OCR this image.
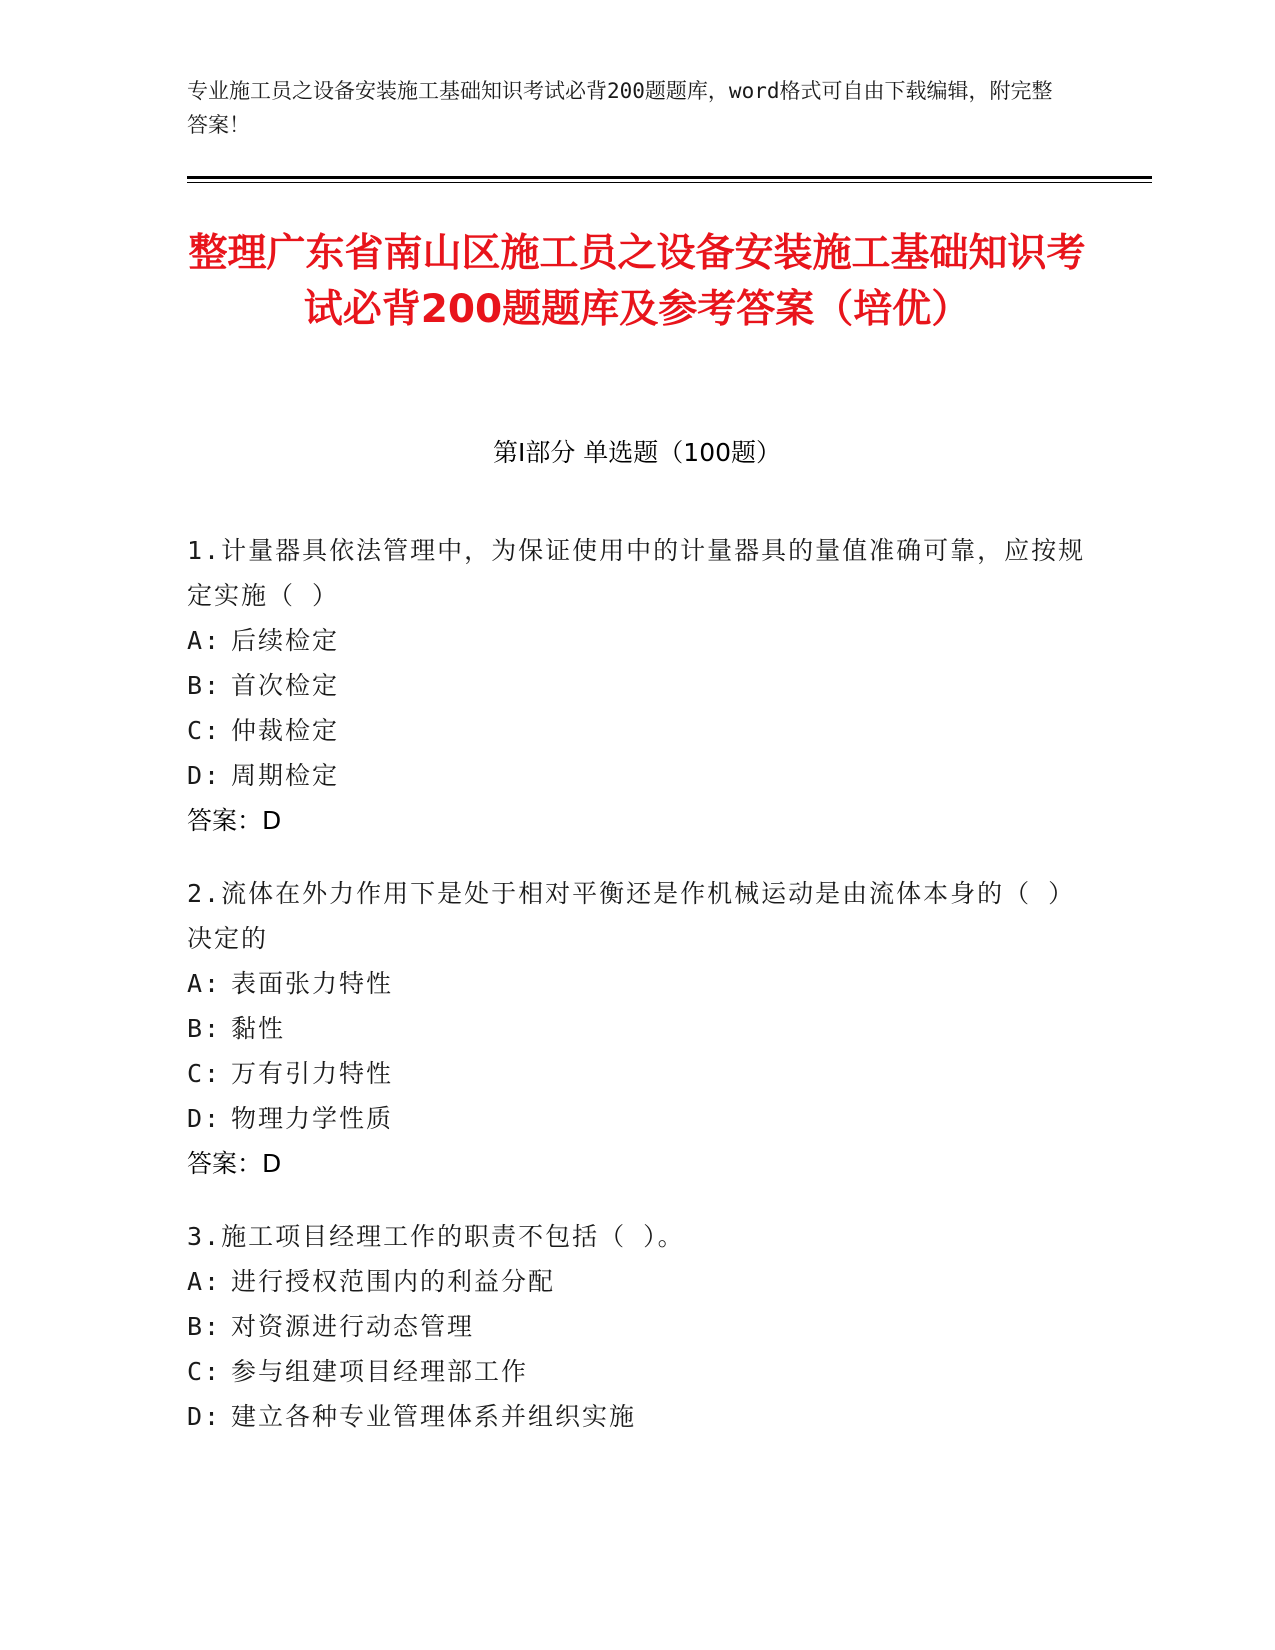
专业施工员之设备安装施工基础知识考试必背200题题库，word格式可自由下载编辑，附完整答案！
整理广东省南山区施工员之设备安装施工基础知识考试必背200题题库及参考答案（培优）
第Ⅰ部分 单选题（100题）
1.计量器具依法管理中，为保证使用中的计量器具的量值准确可靠，应按规定实施（ ）
A: 后续检定
B: 首次检定
C: 仲裁检定
D: 周期检定
答案：D
2.流体在外力作用下是处于相对平衡还是作机械运动是由流体本身的（ ）决定的
A: 表面张力特性
B: 黏性
C: 万有引力特性
D: 物理力学性质
答案：D
3.施工项目经理工作的职责不包括（ ）。
A: 进行授权范围内的利益分配
B: 对资源进行动态管理
C: 参与组建项目经理部工作
D: 建立各种专业管理体系并组织实施
